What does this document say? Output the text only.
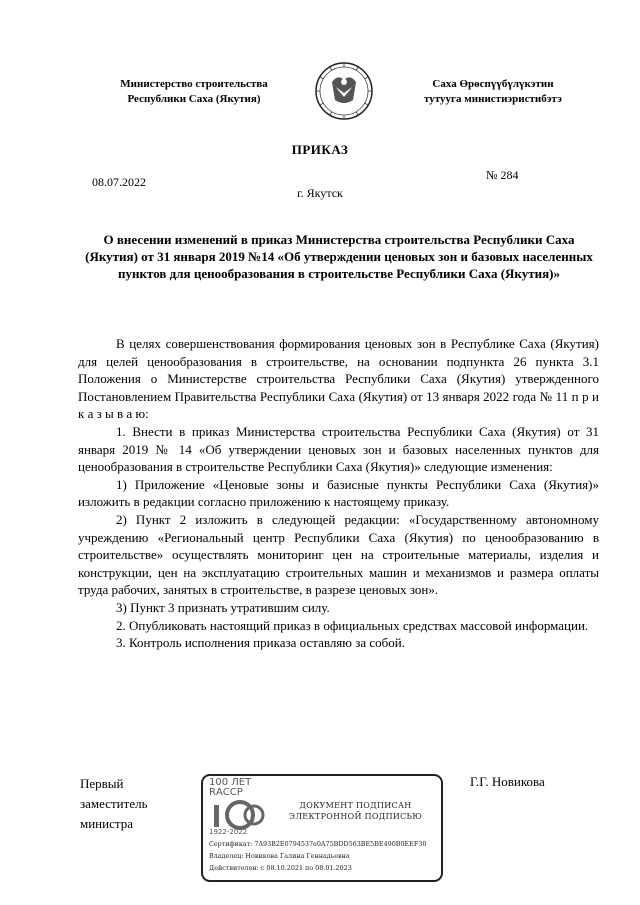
Министерство строительства
Республики Саха (Якутия)
Саха Өрөспүүбүлүкэтин
тутууга министиэристибэтэ
ПРИКАЗ
08.07.2022	№ 284
г. Якутск
О внесении изменений в приказ Министерства строительства Республики Саха (Якутия) от 31 января 2019 №14 «Об утверждении ценовых зон и базовых населенных пунктов для ценообразования в строительстве Республики Саха (Якутия)»

В целях совершенствования формирования ценовых зон в Республике Саха (Якутия) для целей ценообразования в строительстве, на основании подпункта 26 пункта 3.1 Положения о Министерстве строительства Республики Саха (Якутия) утвержденного Постановлением Правительства Республики Саха (Якутия) от 13 января 2022 года № 11 п р и к а з ы в а ю:

1. Внести в приказ Министерства строительства Республики Саха (Якутия) от 31 января 2019 № 14 «Об утверждении ценовых зон и базовых населенных пунктов для ценообразования в строительстве Республики Саха (Якутия)» следующие изменения:

1) Приложение «Ценовые зоны и базисные пункты Республики Саха (Якутия)» изложить в редакции согласно приложению к настоящему приказу.

2) Пункт 2 изложить в следующей редакции: «Государственному автономному учреждению «Региональный центр Республики Саха (Якутия) по ценообразованию в строительстве» осуществлять мониторинг цен на строительные материалы, изделия и конструкции, цен на эксплуатацию строительных машин и механизмов и размера оплаты труда рабочих, занятых в строительстве, в разрезе ценовых зон».

3) Пункт 3 признать утратившим силу.

2. Опубликовать настоящий приказ в официальных средствах массовой информации.

3. Контроль исполнения приказа оставляю за собой.

Первый
заместитель
министра
100 ЛЕТ
RАССР
1922-2022
ДОКУМЕНТ ПОДПИСАН
ЭЛЕКТРОННОЙ ПОДПИСЬЮ
Сертификат: 7A93B2E0794537e0A75BDD563BE5BE490B0EEF30
Владелец: Новикова Галина Геннадьевна
Действителен: с 08.10.2021 по 08.01.2023
Г.Г. Новикова
